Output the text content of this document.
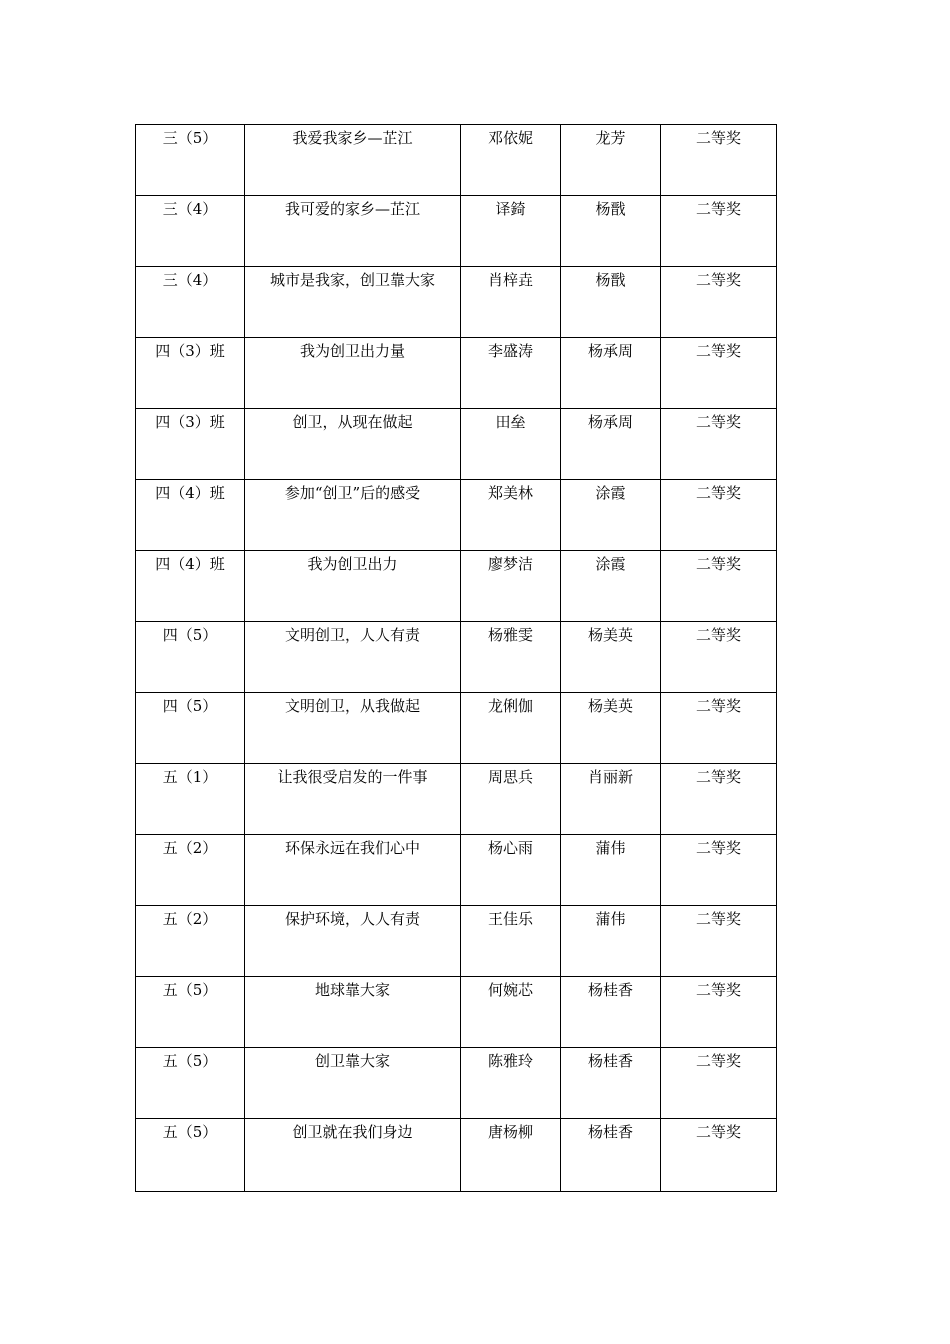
三（5）	我爱我家乡—芷江	邓依妮	龙芳	二等奖

三（4）	我可爱的家乡—芷江	译錡	杨戬	二等奖

三（4）	城市是我家，创卫靠大家	肖梓垚	杨戬	二等奖

四（3）班	我为创卫出力量	李盛涛	杨承周	二等奖

四（3）班	创卫，从现在做起	田垒	杨承周	二等奖

四（4）班	参加“创卫”后的感受	郑美林	涂霞	二等奖

四（4）班	我为创卫出力	廖梦洁	涂霞	二等奖

四（5）	文明创卫，人人有责	杨雅雯	杨美英	二等奖

四（5）	文明创卫，从我做起	龙俐伽	杨美英	二等奖

五（1）	让我很受启发的一件事	周思兵	肖丽新	二等奖

五（2）	环保永远在我们心中	杨心雨	蒲伟	二等奖

五（2）	保护环境，人人有责	王佳乐	蒲伟	二等奖

五（5）	地球靠大家	何婉芯	杨桂香	二等奖

五（5）	创卫靠大家	陈雅玲	杨桂香	二等奖

五（5）	创卫就在我们身边	唐杨柳	杨桂香	二等奖
